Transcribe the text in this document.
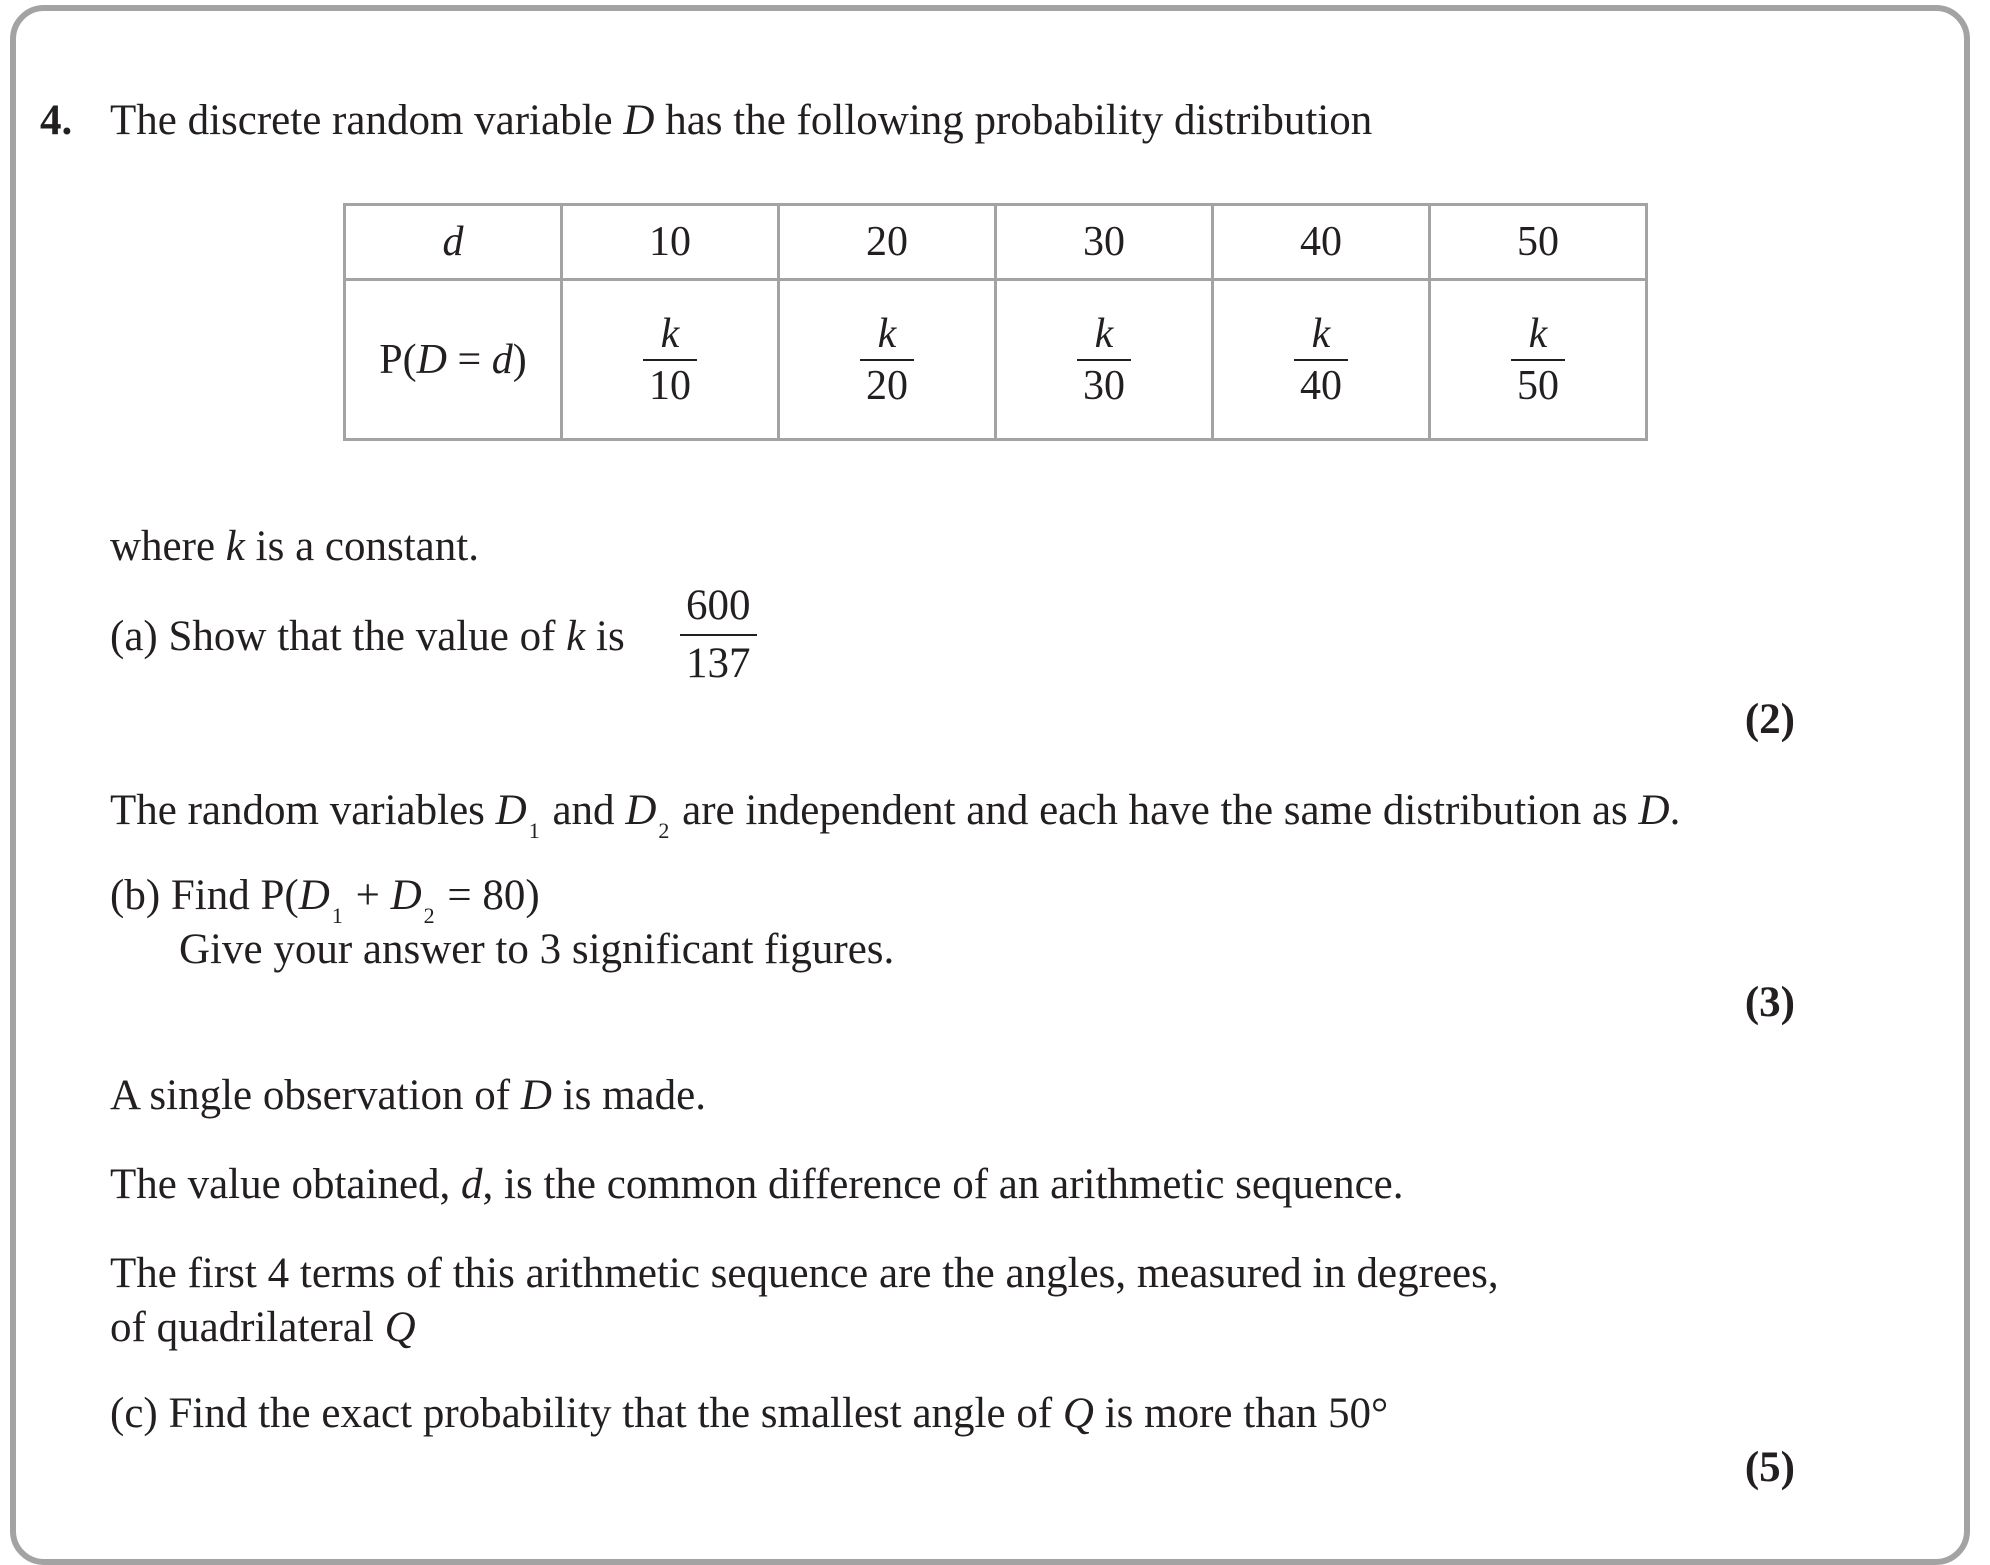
4. The discrete random variable D has the following probability distribution
d	10	20	30	40	50
P(D = d)	$\frac{k}{10}$	$\frac{k}{20}$	$\frac{k}{30}$	$\frac{k}{40}$	$\frac{k}{50}$
where k is a constant.
(a) Show that the value of k is
600
137
(2)
The random variables $D_1$ and $D_2$ are independent and each have the same distribution as D.
(b) Find $P(D_1 + D_2 = 80)$
Give your answer to 3 significant figures.
(3)
A single observation of D is made.
The value obtained, d, is the common difference of an arithmetic sequence.
The first 4 terms of this arithmetic sequence are the angles, measured in degrees,
of quadrilateral Q
(c) Find the exact probability that the smallest angle of Q is more than 50°
(5)
